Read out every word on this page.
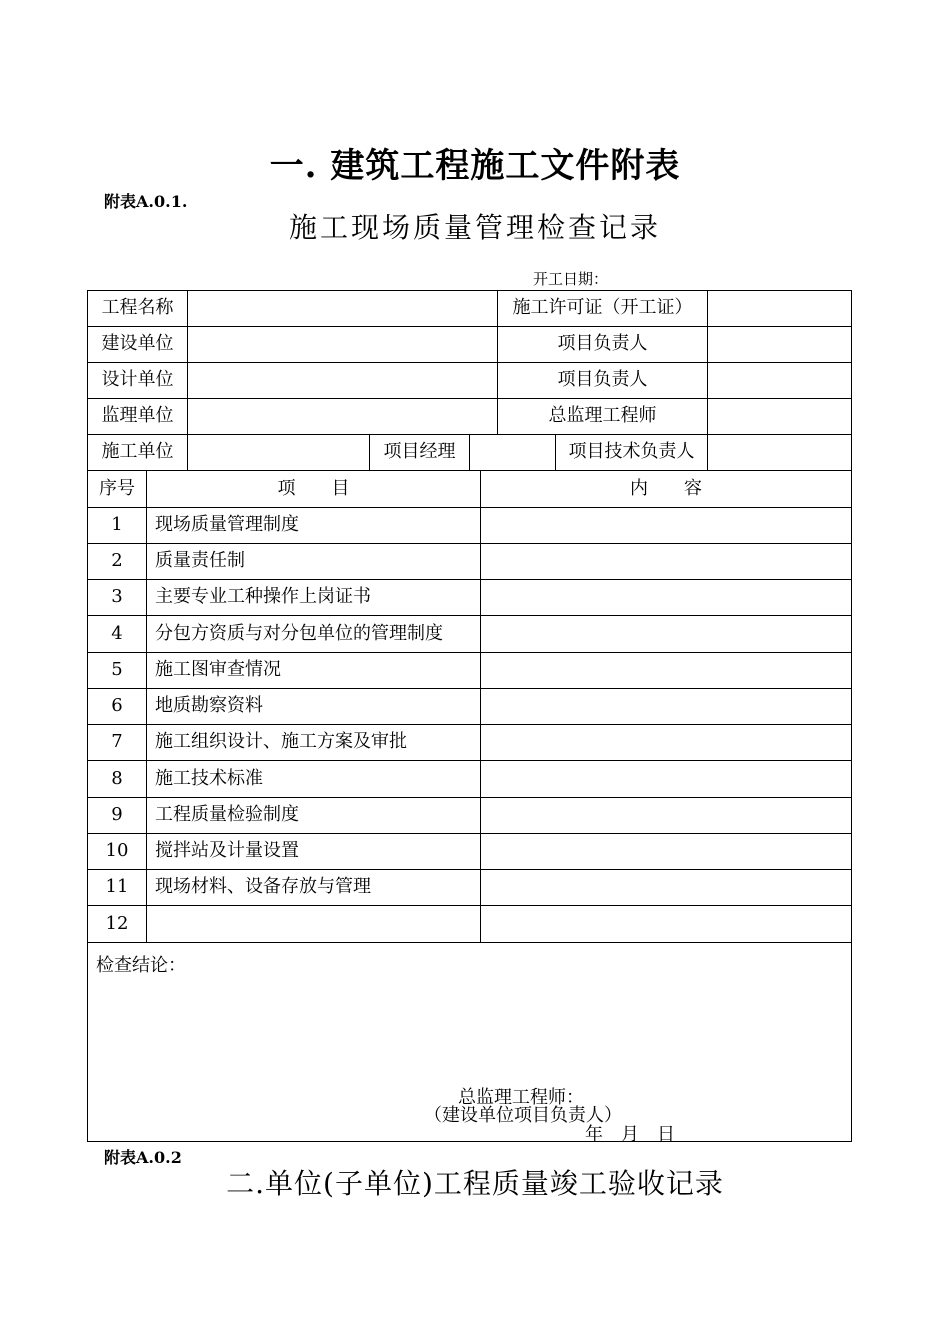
一. 建筑工程施工文件附表
附表A.0.1.
施工现场质量管理检查记录
开工日期：
工程名称	施工许可证（开工证）
建设单位	项目负责人
设计单位	项目负责人
监理单位	总监理工程师
施工单位	项目经理	项目技术负责人
序号	项　　目	内　　容
1	现场质量管理制度
2	质量责任制
3	主要专业工种操作上岗证书
4	分包方资质与对分包单位的管理制度
5	施工图审查情况
6	地质勘察资料
7	施工组织设计、施工方案及审批
8	施工技术标准
9	工程质量检验制度
10	搅拌站及计量设置
11	现场材料、设备存放与管理
12
检查结论：
总监理工程师：
（建设单位项目负责人）
年　月　日
附表A.0.2
二.单位(子单位)工程质量竣工验收记录
